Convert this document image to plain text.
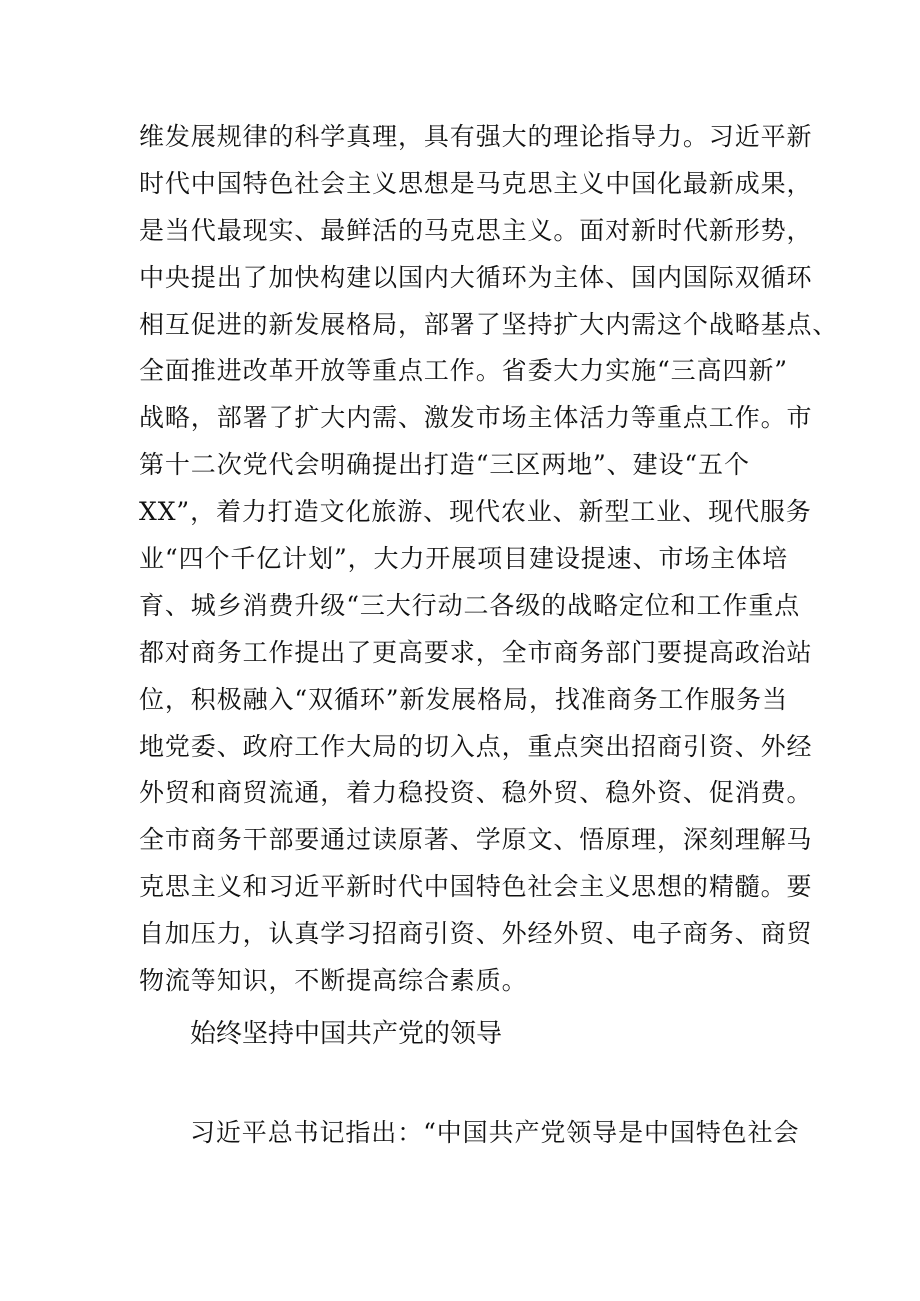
维发展规律的科学真理，具有强大的理论指导力。习近平新
时代中国特色社会主义思想是马克思主义中国化最新成果，
是当代最现实、最鲜活的马克思主义。面对新时代新形势，
中央提出了加快构建以国内大循环为主体、国内国际双循环
相互促进的新发展格局，部署了坚持扩大内需这个战略基点、
全面推进改革开放等重点工作。省委大力实施“三高四新”
战略，部署了扩大内需、激发市场主体活力等重点工作。市
第十二次党代会明确提出打造“三区两地”、建设“五个
XX”，着力打造文化旅游、现代农业、新型工业、现代服务
业“四个千亿计划”，大力开展项目建设提速、市场主体培
育、城乡消费升级“三大行动二各级的战略定位和工作重点
都对商务工作提出了更高要求，全市商务部门要提高政治站
位，积极融入“双循环”新发展格局，找准商务工作服务当
地党委、政府工作大局的切入点，重点突出招商引资、外经
外贸和商贸流通，着力稳投资、稳外贸、稳外资、促消费。
全市商务干部要通过读原著、学原文、悟原理，深刻理解马
克思主义和习近平新时代中国特色社会主义思想的精髓。要
自加压力，认真学习招商引资、外经外贸、电子商务、商贸
物流等知识，不断提高综合素质。
始终坚持中国共产党的领导
习近平总书记指出：“中国共产党领导是中国特色社会
